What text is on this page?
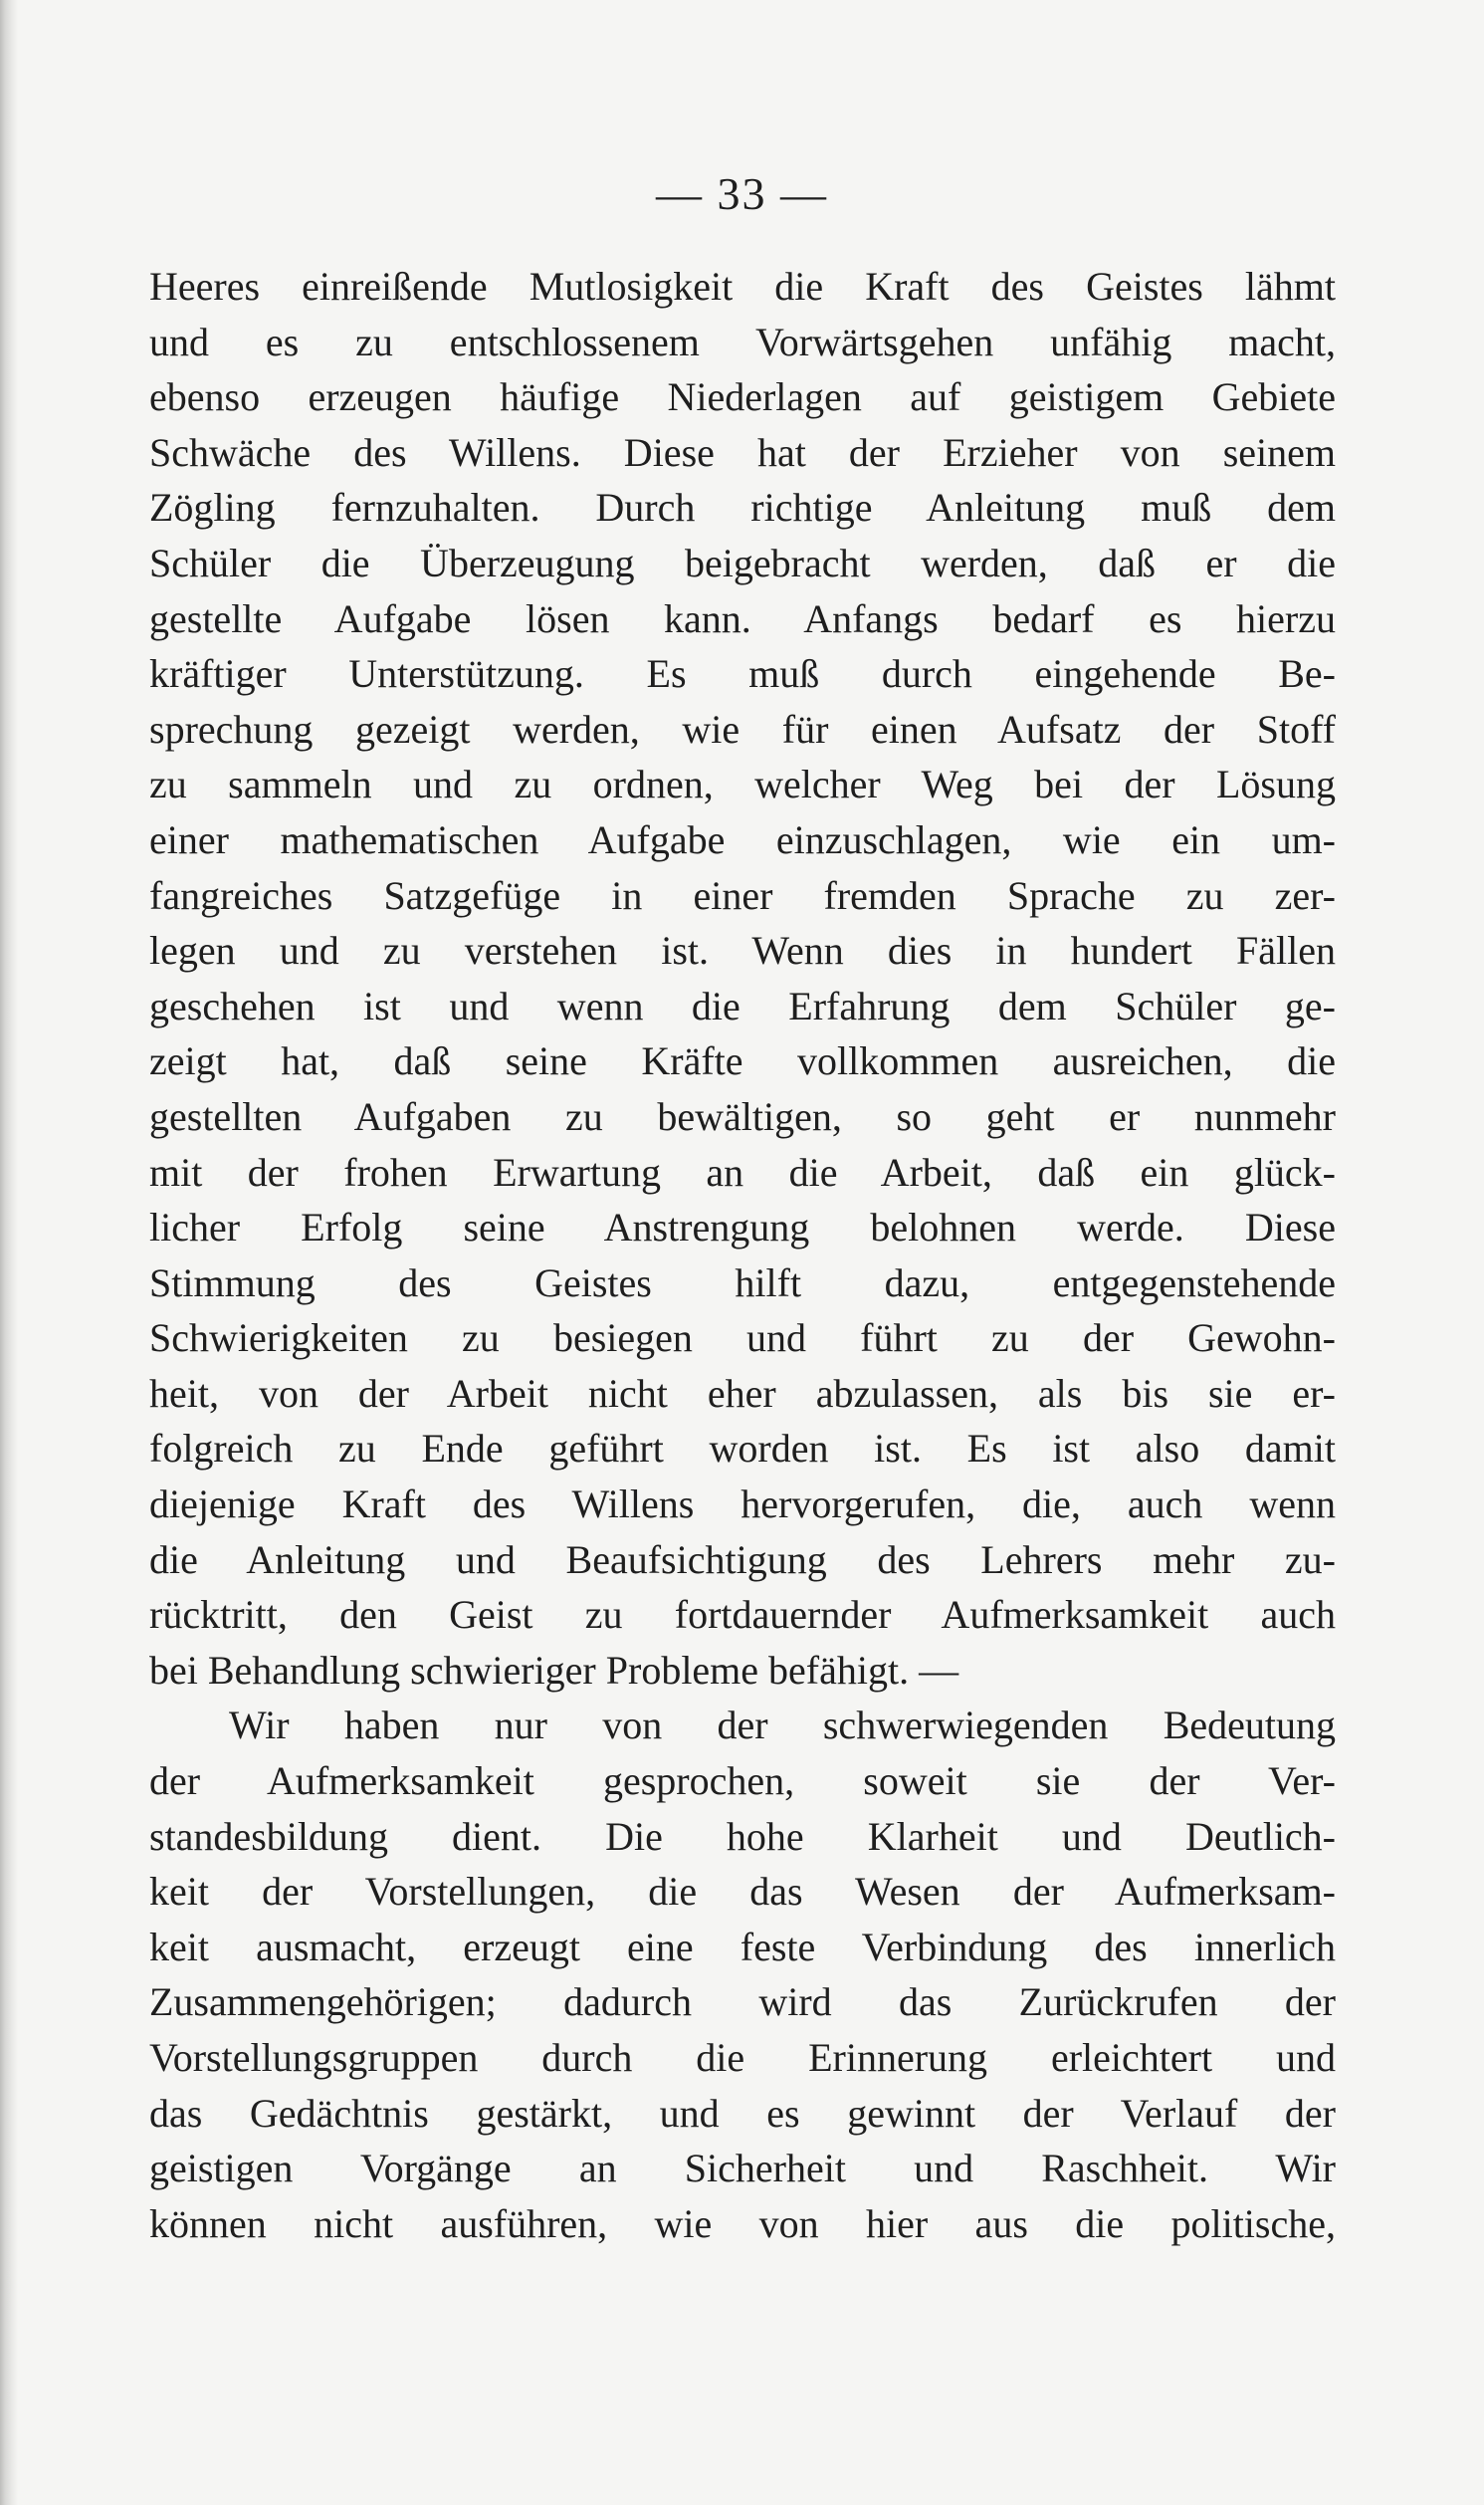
— 33 —
Heeres einreißende Mutlosigkeit die Kraft des Geistes lähmt
und es zu entschlossenem Vorwärtsgehen unfähig macht,
ebenso erzeugen häufige Niederlagen auf geistigem Gebiete
Schwäche des Willens. Diese hat der Erzieher von seinem
Zögling fernzuhalten. Durch richtige Anleitung muß dem
Schüler die Überzeugung beigebracht werden, daß er die
gestellte Aufgabe lösen kann. Anfangs bedarf es hierzu
kräftiger Unterstützung. Es muß durch eingehende Be-
sprechung gezeigt werden, wie für einen Aufsatz der Stoff
zu sammeln und zu ordnen, welcher Weg bei der Lösung
einer mathematischen Aufgabe einzuschlagen, wie ein um-
fangreiches Satzgefüge in einer fremden Sprache zu zer-
legen und zu verstehen ist. Wenn dies in hundert Fällen
geschehen ist und wenn die Erfahrung dem Schüler ge-
zeigt hat, daß seine Kräfte vollkommen ausreichen, die
gestellten Aufgaben zu bewältigen, so geht er nunmehr
mit der frohen Erwartung an die Arbeit, daß ein glück-
licher Erfolg seine Anstrengung belohnen werde. Diese
Stimmung des Geistes hilft dazu, entgegenstehende
Schwierigkeiten zu besiegen und führt zu der Gewohn-
heit, von der Arbeit nicht eher abzulassen, als bis sie er-
folgreich zu Ende geführt worden ist. Es ist also damit
diejenige Kraft des Willens hervorgerufen, die, auch wenn
die Anleitung und Beaufsichtigung des Lehrers mehr zu-
rücktritt, den Geist zu fortdauernder Aufmerksamkeit auch
bei Behandlung schwieriger Probleme befähigt. —
Wir haben nur von der schwerwiegenden Bedeutung
der Aufmerksamkeit gesprochen, soweit sie der Ver-
standesbildung dient. Die hohe Klarheit und Deutlich-
keit der Vorstellungen, die das Wesen der Aufmerksam-
keit ausmacht, erzeugt eine feste Verbindung des innerlich
Zusammengehörigen; dadurch wird das Zurückrufen der
Vorstellungsgruppen durch die Erinnerung erleichtert und
das Gedächtnis gestärkt, und es gewinnt der Verlauf der
geistigen Vorgänge an Sicherheit und Raschheit. Wir
können nicht ausführen, wie von hier aus die politische,
